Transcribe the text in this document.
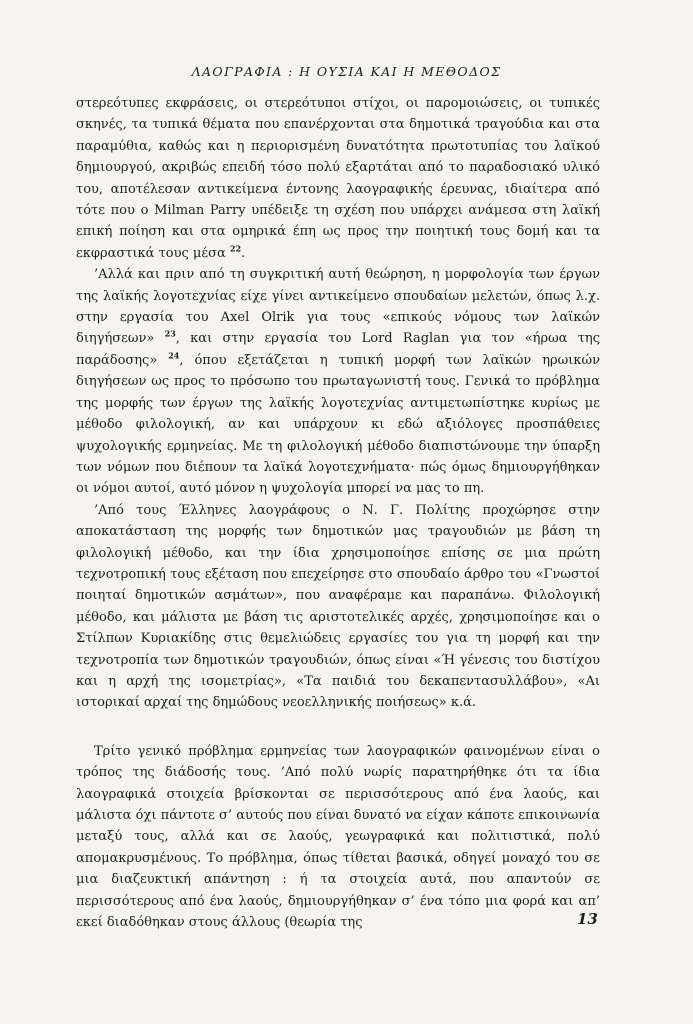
ΛΑΟΓΡΑΦΙΑ : Η ΟΥΣΙΑ ΚΑΙ Η ΜΕΘΟΔΟΣ

στερεότυπες εκφράσεις, οι στερεότυποι στίχοι, οι παρομοιώσεις, οι τυπικές σκηνές, τα τυπικά θέματα που επανέρχονται στα δημοτικά τραγούδια και στα παραμύθια, καθώς και η περιορισμένη δυνατότητα πρωτοτυπίας του λαϊκού δημιουργού, ακριβώς επειδή τόσο πολύ εξαρτάται από το παραδοσιακό υλικό του, αποτέλεσαν αντικείμενα έντονης λαογραφικής έρευνας, ιδιαίτερα από τότε που ο Milman Parry υπέδειξε τη σχέση που υπάρχει ανάμεσα στη λαϊκή επική ποίηση και στα ομηρικά έπη ως προς την ποιητική τους δομή και τα εκφραστικά τους μέσα $^{22}$.

’Αλλά και πριν από τη συγκριτική αυτή θεώρηση, η μορφολογία των έργων της λαϊκής λογοτεχνίας είχε γίνει αντικείμενο σπουδαίων μελετών, όπως λ.χ. στην εργασία του Axel Olrik για τους «επικούς νόμους των λαϊκών διηγήσεων» $^{23}$, και στην εργασία του Lord Raglan για τον «ήρωα της παράδοσης» $^{24}$, όπου εξετάζεται η τυπική μορφή των λαϊκών ηρωικών διηγήσεων ως προς το πρόσωπο του πρωταγωνιστή τους. Γενικά το πρόβλημα της μορφής των έργων της λαϊκής λογοτεχνίας αντιμετωπίστηκε κυρίως με μέθοδο φιλολογική, αν και υπάρχουν κι εδώ αξιόλογες προσπάθειες ψυχολογικής ερμηνείας. Με τη φιλολογική μέθοδο διαπιστώνουμε την ύπαρξη των νόμων που διέπουν τα λαϊκά λογοτεχνήματα· πώς όμως δημιουργήθηκαν οι νόμοι αυτοί, αυτό μόνον η ψυχολογία μπορεί να μας το πη.

’Από τους Έλληνες λαογράφους ο Ν. Γ. Πολίτης προχώρησε στην αποκατάσταση της μορφής των δημοτικών μας τραγουδιών με βάση τη φιλολογική μέθοδο, και την ίδια χρησιμοποίησε επίσης σε μια πρώτη τεχνοτροπική τους εξέταση που επεχείρησε στο σπουδαίο άρθρο του «Γνωστοί ποιηταί δημοτικών ασμάτων», που αναφέραμε και παραπάνω. Φιλολογική μέθοδο, και μάλιστα με βάση τις αριστοτελικές αρχές, χρησιμοποίησε και ο Στίλπων Κυριακίδης στις θεμελιώδεις εργασίες του για τη μορφή και την τεχνοτροπία των δημοτικών τραγουδιών, όπως είναι «Ή γένεσις του διστίχου και η αρχή της ισομετρίας», «Τα παιδιά του δεκαπεντασυλλάβου», «Αι ιστορικαί αρχαί της δημώδους νεοελληνικής ποιήσεως» κ.ά.

Τρίτο γενικό πρόβλημα ερμηνείας των λαογραφικών φαινομένων είναι ο τρόπος της διάδοσής τους. ’Από πολύ νωρίς παρατηρήθηκε ότι τα ίδια λαογραφικά στοιχεία βρίσκονται σε περισσότερους από ένα λαούς, και μάλιστα όχι πάντοτε σ’ αυτούς που είναι δυνατό να είχαν κάποτε επικοινωνία μεταξύ τους, αλλά και σε λαούς, γεωγραφικά και πολιτιστικά, πολύ απομακρυσμένους. Το πρόβλημα, όπως τίθεται βασικά, οδηγεί μοναχό του σε μια διαζευκτική απάντηση : ή τα στοιχεία αυτά, που απαντούν σε περισσότερους από ένα λαούς, δημιουργήθηκαν σ’ ένα τόπο μια φορά και απ’ εκεί διαδόθηκαν στους άλλους (θεωρία της	13
